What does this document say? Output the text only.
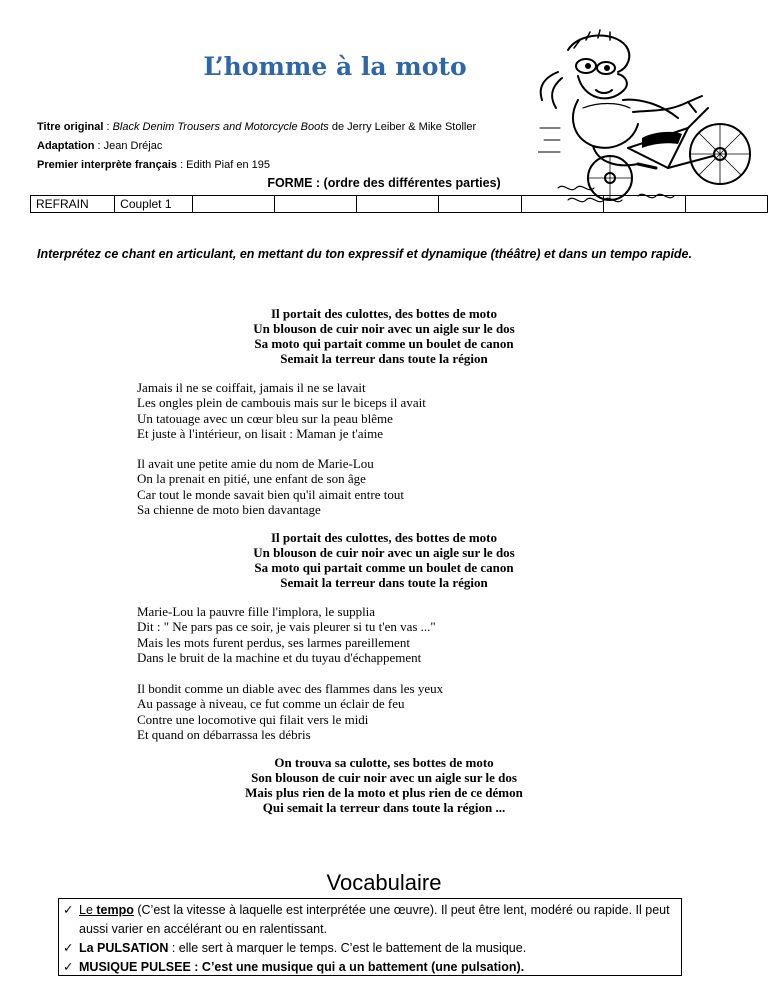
L’homme à la moto
Titre original : Black Denim Trousers and Motorcycle Boots de Jerry Leiber & Mike Stoller
Adaptation : Jean Dréjac
Premier interprète français : Edith Piaf en 195
FORME : (ordre des différentes parties)
REFRAIN	Couplet 1							
Interprétez ce chant en articulant, en mettant du ton expressif et dynamique (théâtre) et dans un tempo rapide.
Il portait des culottes, des bottes de moto
Un blouson de cuir noir avec un aigle sur le dos
Sa moto qui partait comme un boulet de canon
Semait la terreur dans toute la région
Jamais il ne se coiffait, jamais il ne se lavait
Les ongles plein de cambouis mais sur le biceps il avait
Un tatouage avec un cœur bleu sur la peau blême
Et juste à l'intérieur, on lisait : Maman je t'aime
Il avait une petite amie du nom de Marie-Lou
On la prenait en pitié, une enfant de son âge
Car tout le monde savait bien qu'il aimait entre tout
Sa chienne de moto bien davantage
Il portait des culottes, des bottes de moto
Un blouson de cuir noir avec un aigle sur le dos
Sa moto qui partait comme un boulet de canon
Semait la terreur dans toute la région
Marie-Lou la pauvre fille l'implora, le supplia
Dit : " Ne pars pas ce soir, je vais pleurer si tu t'en vas ..."
Mais les mots furent perdus, ses larmes pareillement
Dans le bruit de la machine et du tuyau d'échappement
Il bondit comme un diable avec des flammes dans les yeux
Au passage à niveau, ce fut comme un éclair de feu
Contre une locomotive qui filait vers le midi
Et quand on débarrassa les débris
On trouva sa culotte, ses bottes de moto
Son blouson de cuir noir avec un aigle sur le dos
Mais plus rien de la moto et plus rien de ce démon
Qui semait la terreur dans toute la région ...
Vocabulaire
✓ Le tempo (C’est la vitesse à laquelle est interprétée une œuvre). Il peut être lent, modéré ou rapide. Il peut aussi varier en accélérant ou en ralentissant.
✓ La PULSATION : elle sert à marquer le temps. C’est le battement de la musique.
✓ MUSIQUE PULSEE : C’est une musique qui a un battement (une pulsation).
